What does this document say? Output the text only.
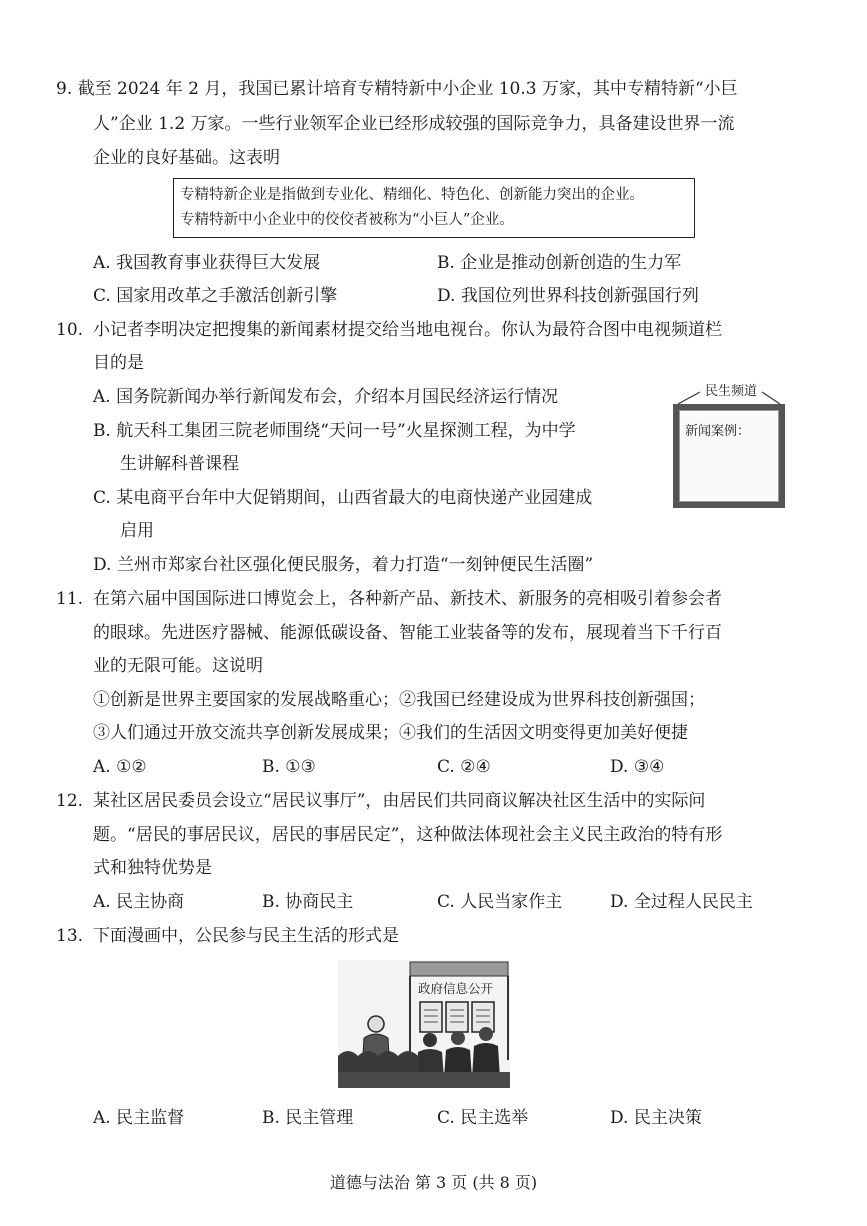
9. 截至 2024 年 2 月，我国已累计培育专精特新中小企业 10.3 万家，其中专精特新“小巨
人”企业 1.2 万家。一些行业领军企业已经形成较强的国际竞争力，具备建设世界一流
企业的良好基础。这表明
专精特新企业是指做到专业化、精细化、特色化、创新能力突出的企业。
专精特新中小企业中的佼佼者被称为“小巨人”企业。
A. 我国教育事业获得巨大发展	B. 企业是推动创新创造的生力军
C. 国家用改革之手激活创新引擎	D. 我国位列世界科技创新强国行列
10. 小记者李明决定把搜集的新闻素材提交给当地电视台。你认为最符合图中电视频道栏
目的是
A. 国务院新闻办举行新闻发布会，介绍本月国民经济运行情况
B. 航天科工集团三院老师围绕“天问一号”火星探测工程，为中学
生讲解科普课程
C. 某电商平台年中大促销期间，山西省最大的电商快递产业园建成
启用
D. 兰州市郑家台社区强化便民服务，着力打造“一刻钟便民生活圈”
民生频道
新闻案例：
11. 在第六届中国国际进口博览会上，各种新产品、新技术、新服务的亮相吸引着参会者
的眼球。先进医疗器械、能源低碳设备、智能工业装备等的发布，展现着当下千行百
业的无限可能。这说明
①创新是世界主要国家的发展战略重心；②我国已经建设成为世界科技创新强国；
③人们通过开放交流共享创新发展成果；④我们的生活因文明变得更加美好便捷
A. ①②	B. ①③	C. ②④	D. ③④
12. 某社区居民委员会设立“居民议事厅”，由居民们共同商议解决社区生活中的实际问
题。“居民的事居民议，居民的事居民定”，这种做法体现社会主义民主政治的特有形
式和独特优势是
A. 民主协商	B. 协商民主	C. 人民当家作主	D. 全过程人民民主
13. 下面漫画中，公民参与民主生活的形式是
政府信息公开
A. 民主监督	B. 民主管理	C. 民主选举	D. 民主决策
道德与法治 第 3 页 (共 8 页)
